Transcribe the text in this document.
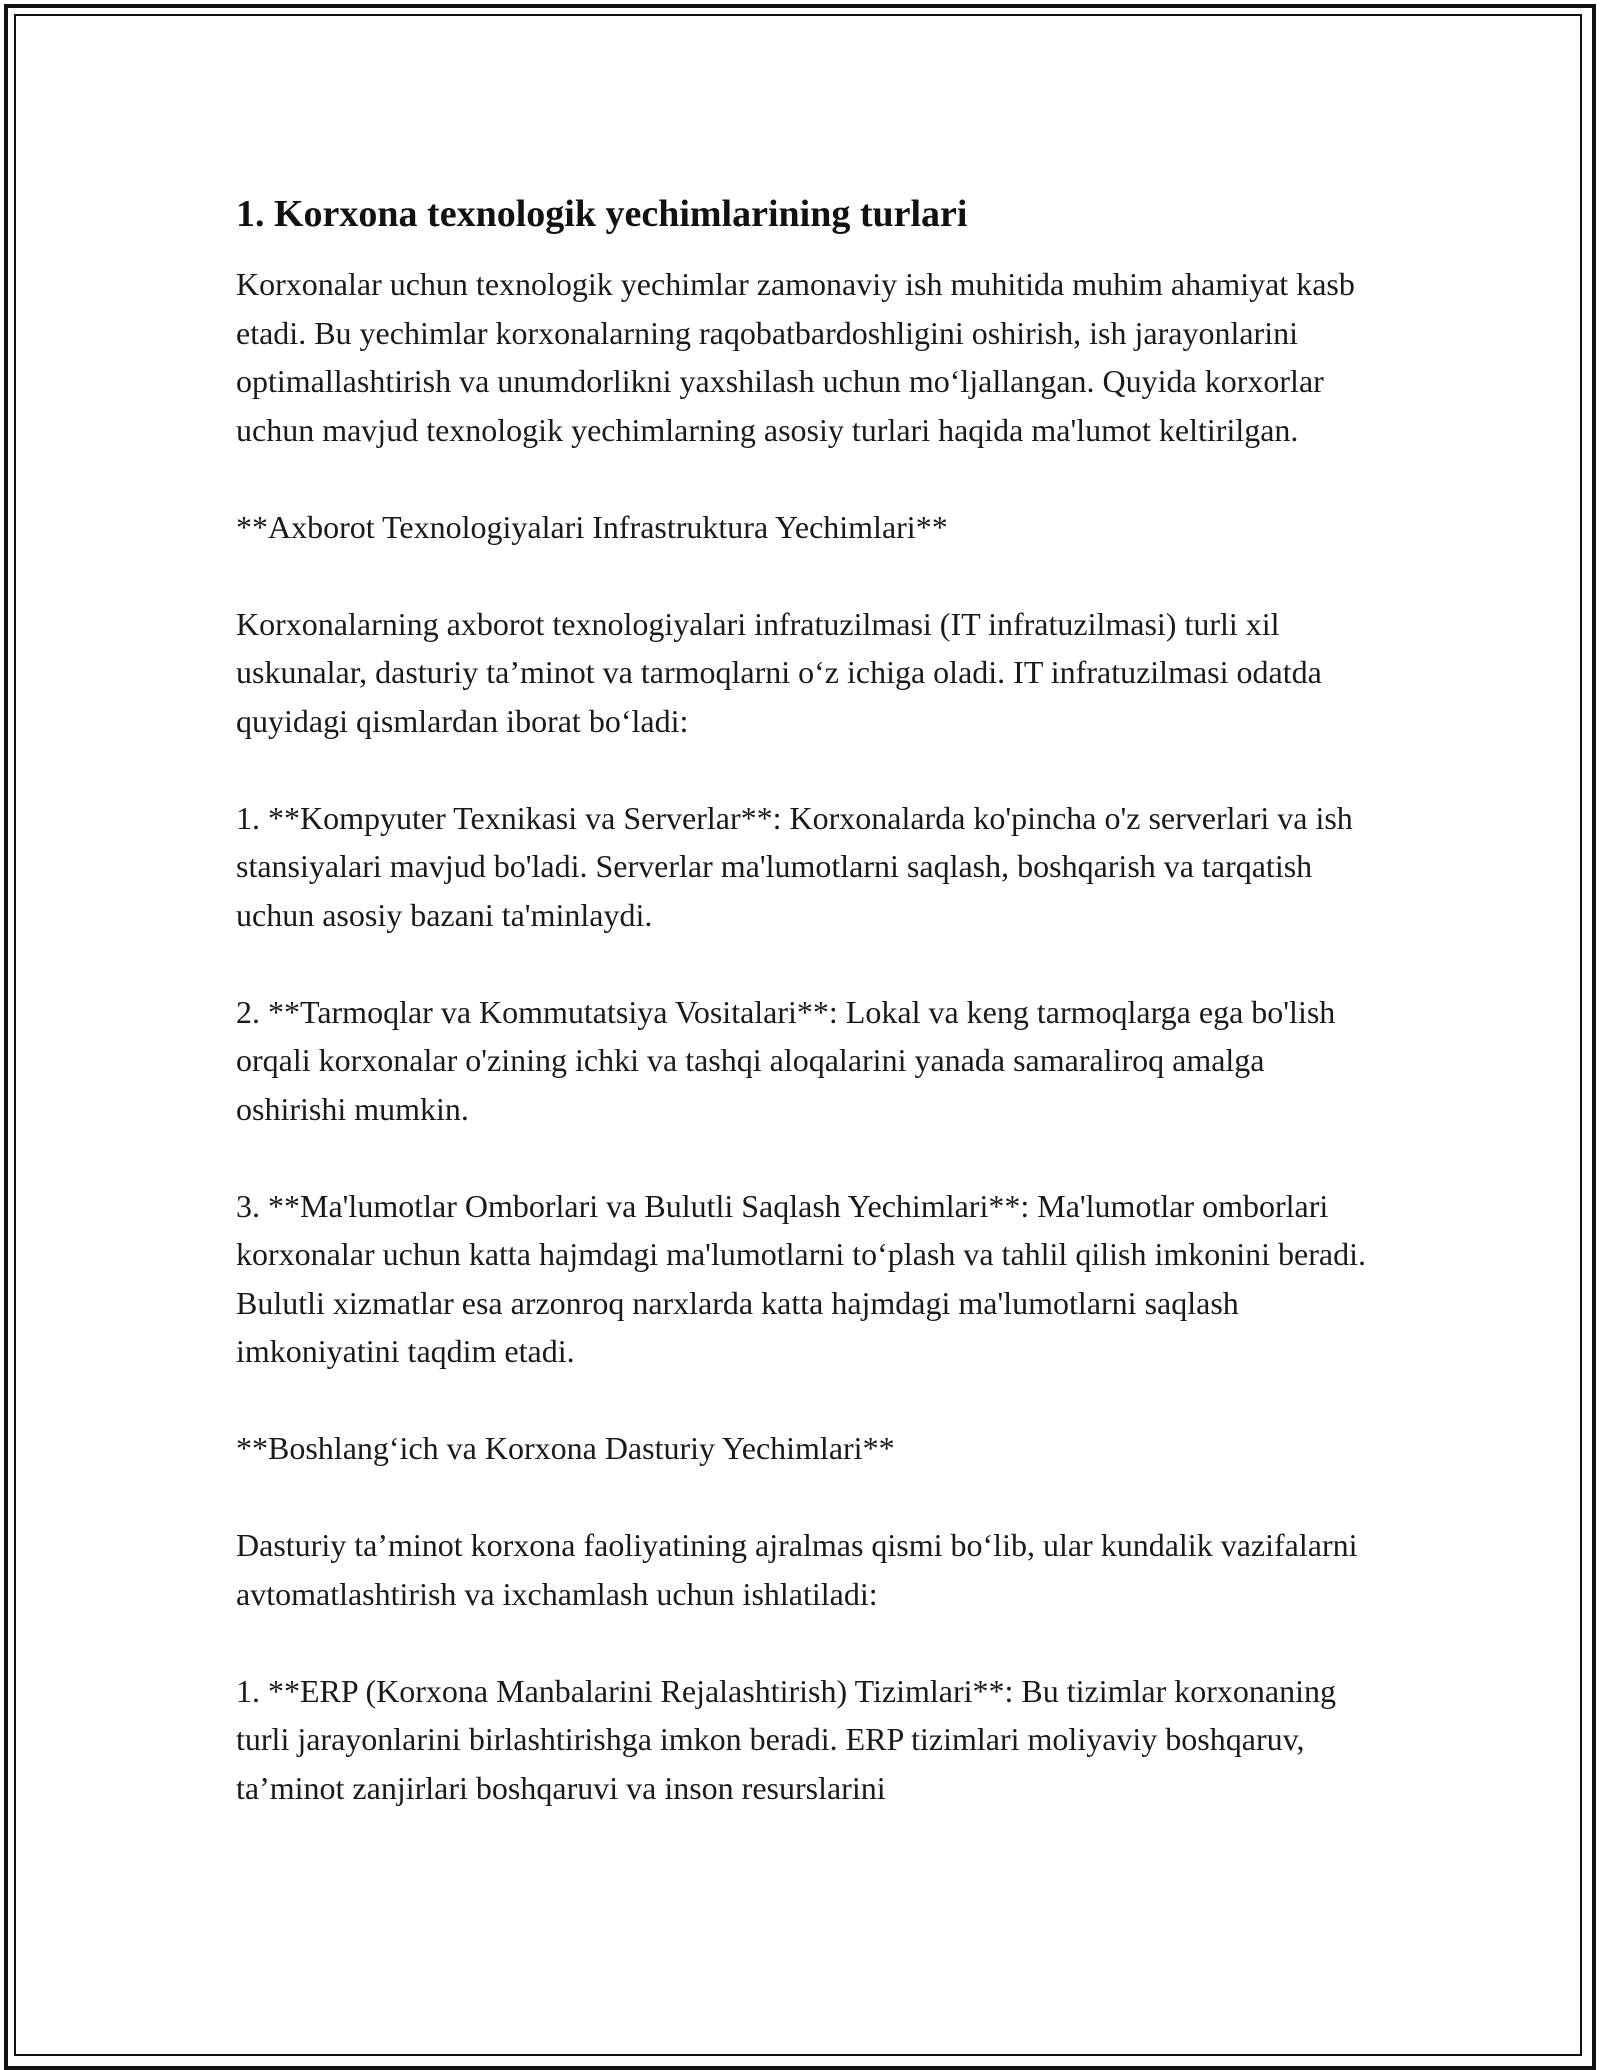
1. Korxona texnologik yechimlarining turlari

Korxonalar uchun texnologik yechimlar zamonaviy ish muhitida muhim ahamiyat kasb etadi. Bu yechimlar korxonalarning raqobatbardoshligini oshirish, ish jarayonlarini optimallashtirish va unumdorlikni yaxshilash uchun mo‘ljallangan. Quyida korxorlar uchun mavjud texnologik yechimlarning asosiy turlari haqida ma'lumot keltirilgan.

**Axborot Texnologiyalari Infrastruktura Yechimlari**

Korxonalarning axborot texnologiyalari infratuzilmasi (IT infratuzilmasi) turli xil uskunalar, dasturiy ta’minot va tarmoqlarni o‘z ichiga oladi. IT infratuzilmasi odatda quyidagi qismlardan iborat bo‘ladi:

1. **Kompyuter Texnikasi va Serverlar**: Korxonalarda ko'pincha o'z serverlari va ish stansiyalari mavjud bo'ladi. Serverlar ma'lumotlarni saqlash, boshqarish va tarqatish uchun asosiy bazani ta'minlaydi.

2. **Tarmoqlar va Kommutatsiya Vositalari**: Lokal va keng tarmoqlarga ega bo'lish orqali korxonalar o'zining ichki va tashqi aloqalarini yanada samaraliroq amalga oshirishi mumkin.

3. **Ma'lumotlar Omborlari va Bulutli Saqlash Yechimlari**: Ma'lumotlar omborlari korxonalar uchun katta hajmdagi ma'lumotlarni to‘plash va tahlil qilish imkonini beradi. Bulutli xizmatlar esa arzonroq narxlarda katta hajmdagi ma'lumotlarni saqlash imkoniyatini taqdim etadi.

**Boshlang‘ich va Korxona Dasturiy Yechimlari**

Dasturiy ta’minot korxona faoliyatining ajralmas qismi bo‘lib, ular kundalik vazifalarni avtomatlashtirish va ixchamlash uchun ishlatiladi:

1. **ERP (Korxona Manbalarini Rejalashtirish) Tizimlari**: Bu tizimlar korxonaning turli jarayonlarini birlashtirishga imkon beradi. ERP tizimlari moliyaviy boshqaruv, ta’minot zanjirlari boshqaruvi va inson resurslarini
